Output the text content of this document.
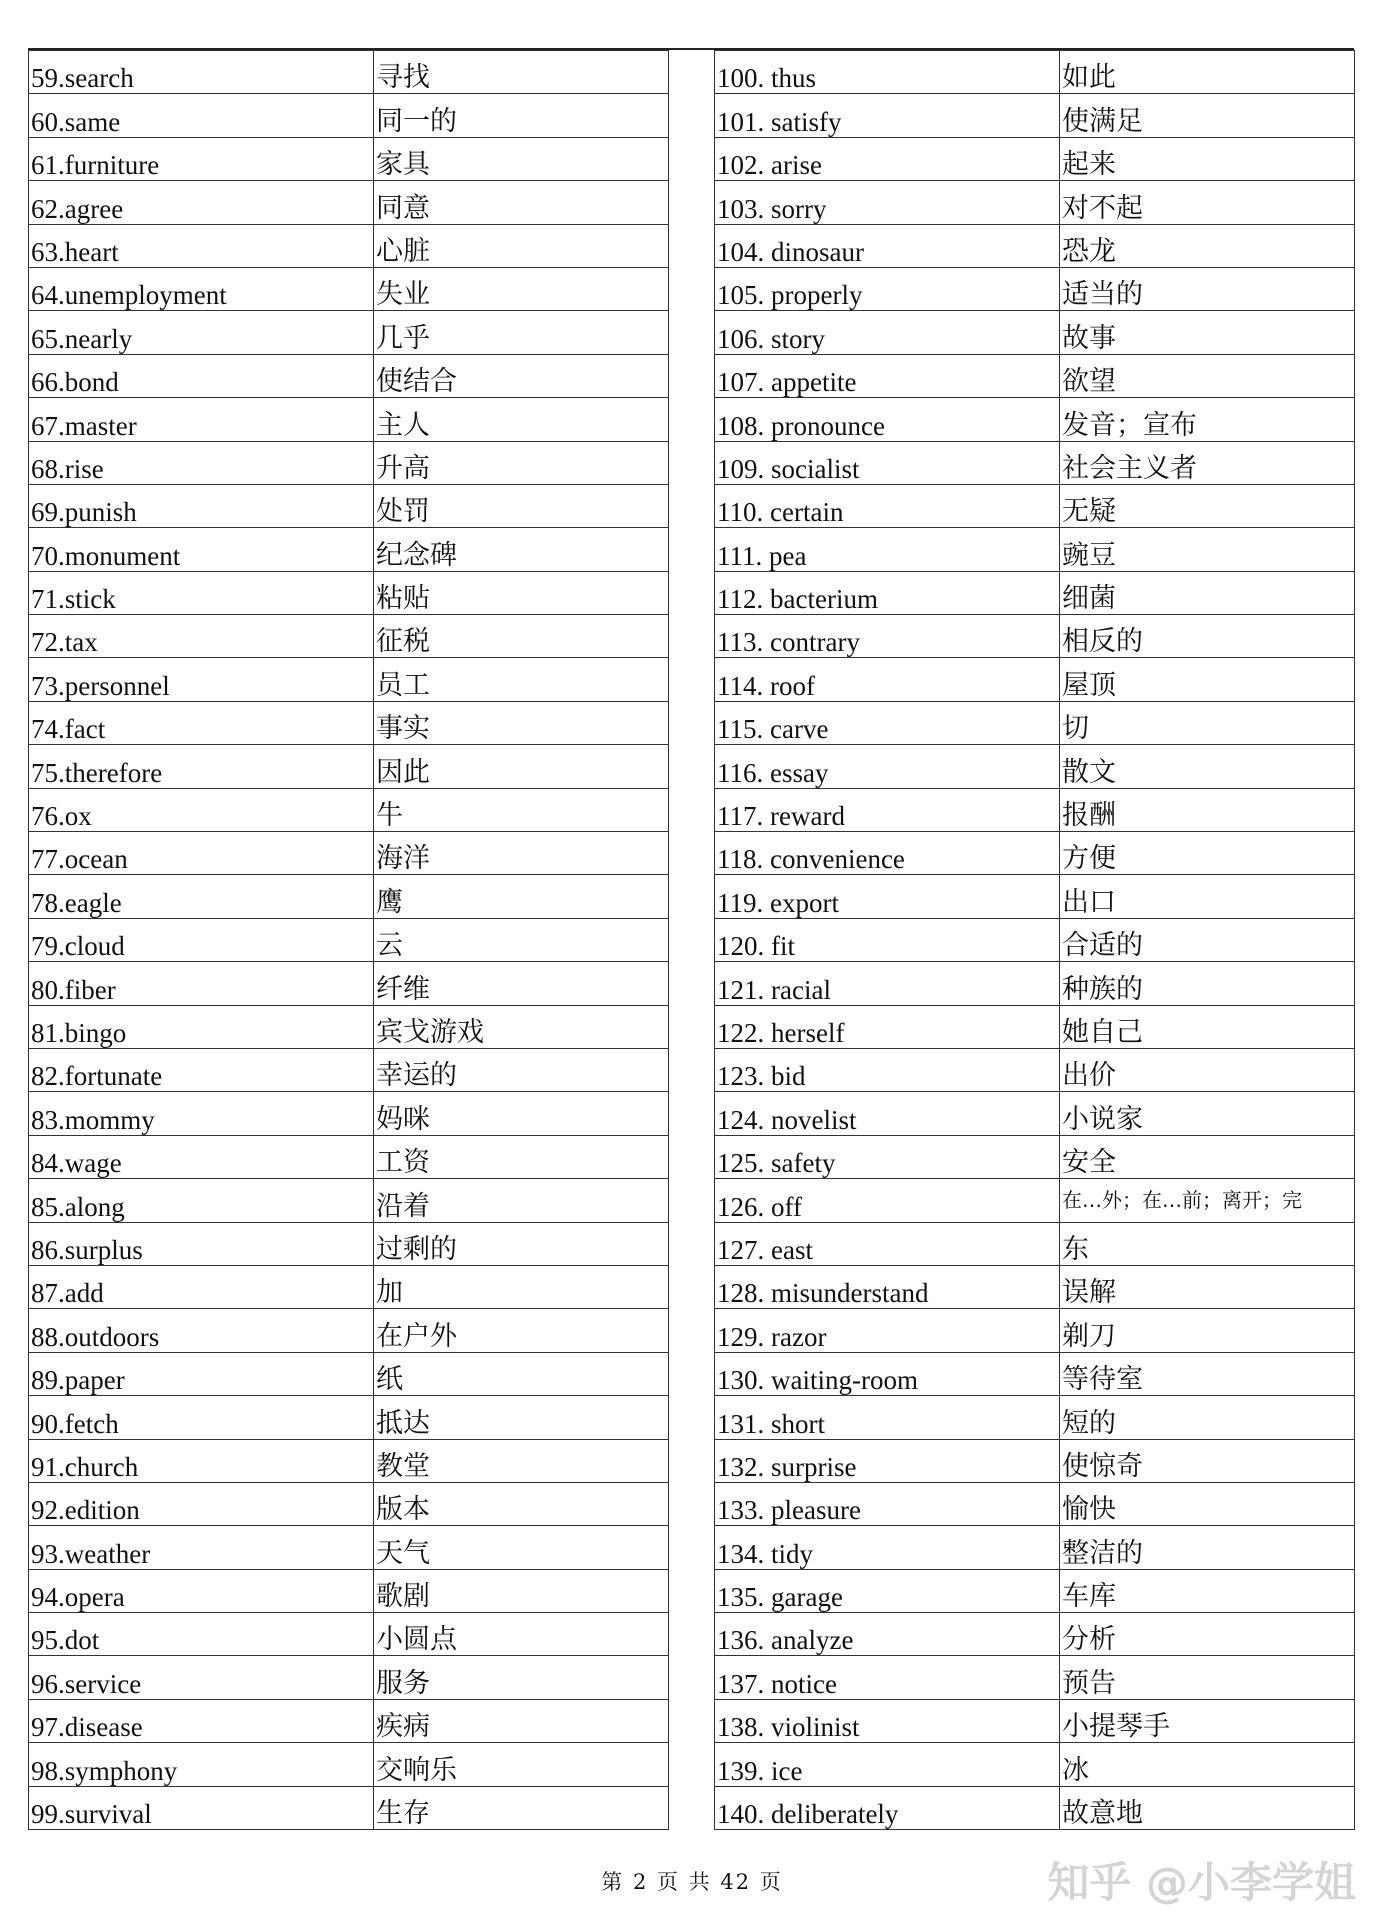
59.search	寻找
60.same	同一的
61.furniture	家具
62.agree	同意
63.heart	心脏
64.unemployment	失业
65.nearly	几乎
66.bond	使结合
67.master	主人
68.rise	升高
69.punish	处罚
70.monument	纪念碑
71.stick	粘贴
72.tax	征税
73.personnel	员工
74.fact	事实
75.therefore	因此
76.ox	牛
77.ocean	海洋
78.eagle	鹰
79.cloud	云
80.fiber	纤维
81.bingo	宾戈游戏
82.fortunate	幸运的
83.mommy	妈咪
84.wage	工资
85.along	沿着
86.surplus	过剩的
87.add	加
88.outdoors	在户外
89.paper	纸
90.fetch	抵达
91.church	教堂
92.edition	版本
93.weather	天气
94.opera	歌剧
95.dot	小圆点
96.service	服务
97.disease	疾病
98.symphony	交响乐
99.survival	生存
100. thus	如此
101. satisfy	使满足
102. arise	起来
103. sorry	对不起
104. dinosaur	恐龙
105. properly	适当的
106. story	故事
107. appetite	欲望
108. pronounce	发音；宣布
109. socialist	社会主义者
110. certain	无疑
111. pea	豌豆
112. bacterium	细菌
113. contrary	相反的
114. roof	屋顶
115. carve	切
116. essay	散文
117. reward	报酬
118. convenience	方便
119. export	出口
120. fit	合适的
121. racial	种族的
122. herself	她自己
123. bid	出价
124. novelist	小说家
125. safety	安全
126. off	在…外；在…前；离开；完
127. east	东
128. misunderstand	误解
129. razor	剃刀
130. waiting-room	等待室
131. short	短的
132. surprise	使惊奇
133. pleasure	愉快
134. tidy	整洁的
135. garage	车库
136. analyze	分析
137. notice	预告
138. violinist	小提琴手
139. ice	冰
140. deliberately	故意地
第 2 页 共 42 页	知乎 @小李学姐
